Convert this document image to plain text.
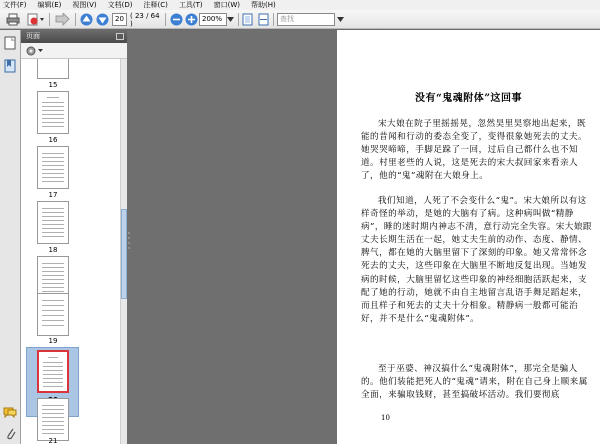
文件(F) 编辑(E) 视图(V) 文档(D) 注释(C) 工具(T) 窗口(W) 帮助(H)
20 ( 23 / 64 )
200%	查找
页面
15
16
17
18
19
21
没有“鬼魂附体”这回事
宋大娘在院子里摇摇晃，忽然昊里昊察地出起来，既能的昔闻和行动的委态全变了，变得很象她死去的丈夫。她哭哭啼啼，手脚足跺了一回，过后自己都什么也不知道。村里老些的人说，这是死去的宋大叔回家来看亲人了，他的“鬼”魂附在大娘身上。
我们知道，人死了不会变什么“鬼”。宋大娘所以有这样奇怪的举动，是她的大脑有了病。这种病叫做“精静病”，睡的迷时期内神志不清，意行动完全失容。宋大娘跟丈夫长期生活在一起，她丈夫生前的动作、态度、静情、脾气，都在她的大脑里留下了深刻的印象。她又常常怀念死去的丈夫，这些印象在大脑里不断地反复出现。当她发病的时候，大脑里留忆这些印象的神经细胞活跃起来，支配了她的行动，她就不由自主地留言乱语手舞足蹈起来，而且样子和死去的丈夫十分相象。精静病一般都可能治好，并不是什么“鬼魂附体”。
至于巫婆、神汉搞什么“鬼魂附体”，那完全是骗人的。他们装能把死人的“鬼魂”请来，附在自己身上顺来属全面，来骗取钱财，甚至搞破坏活动。我们要彻底
10
